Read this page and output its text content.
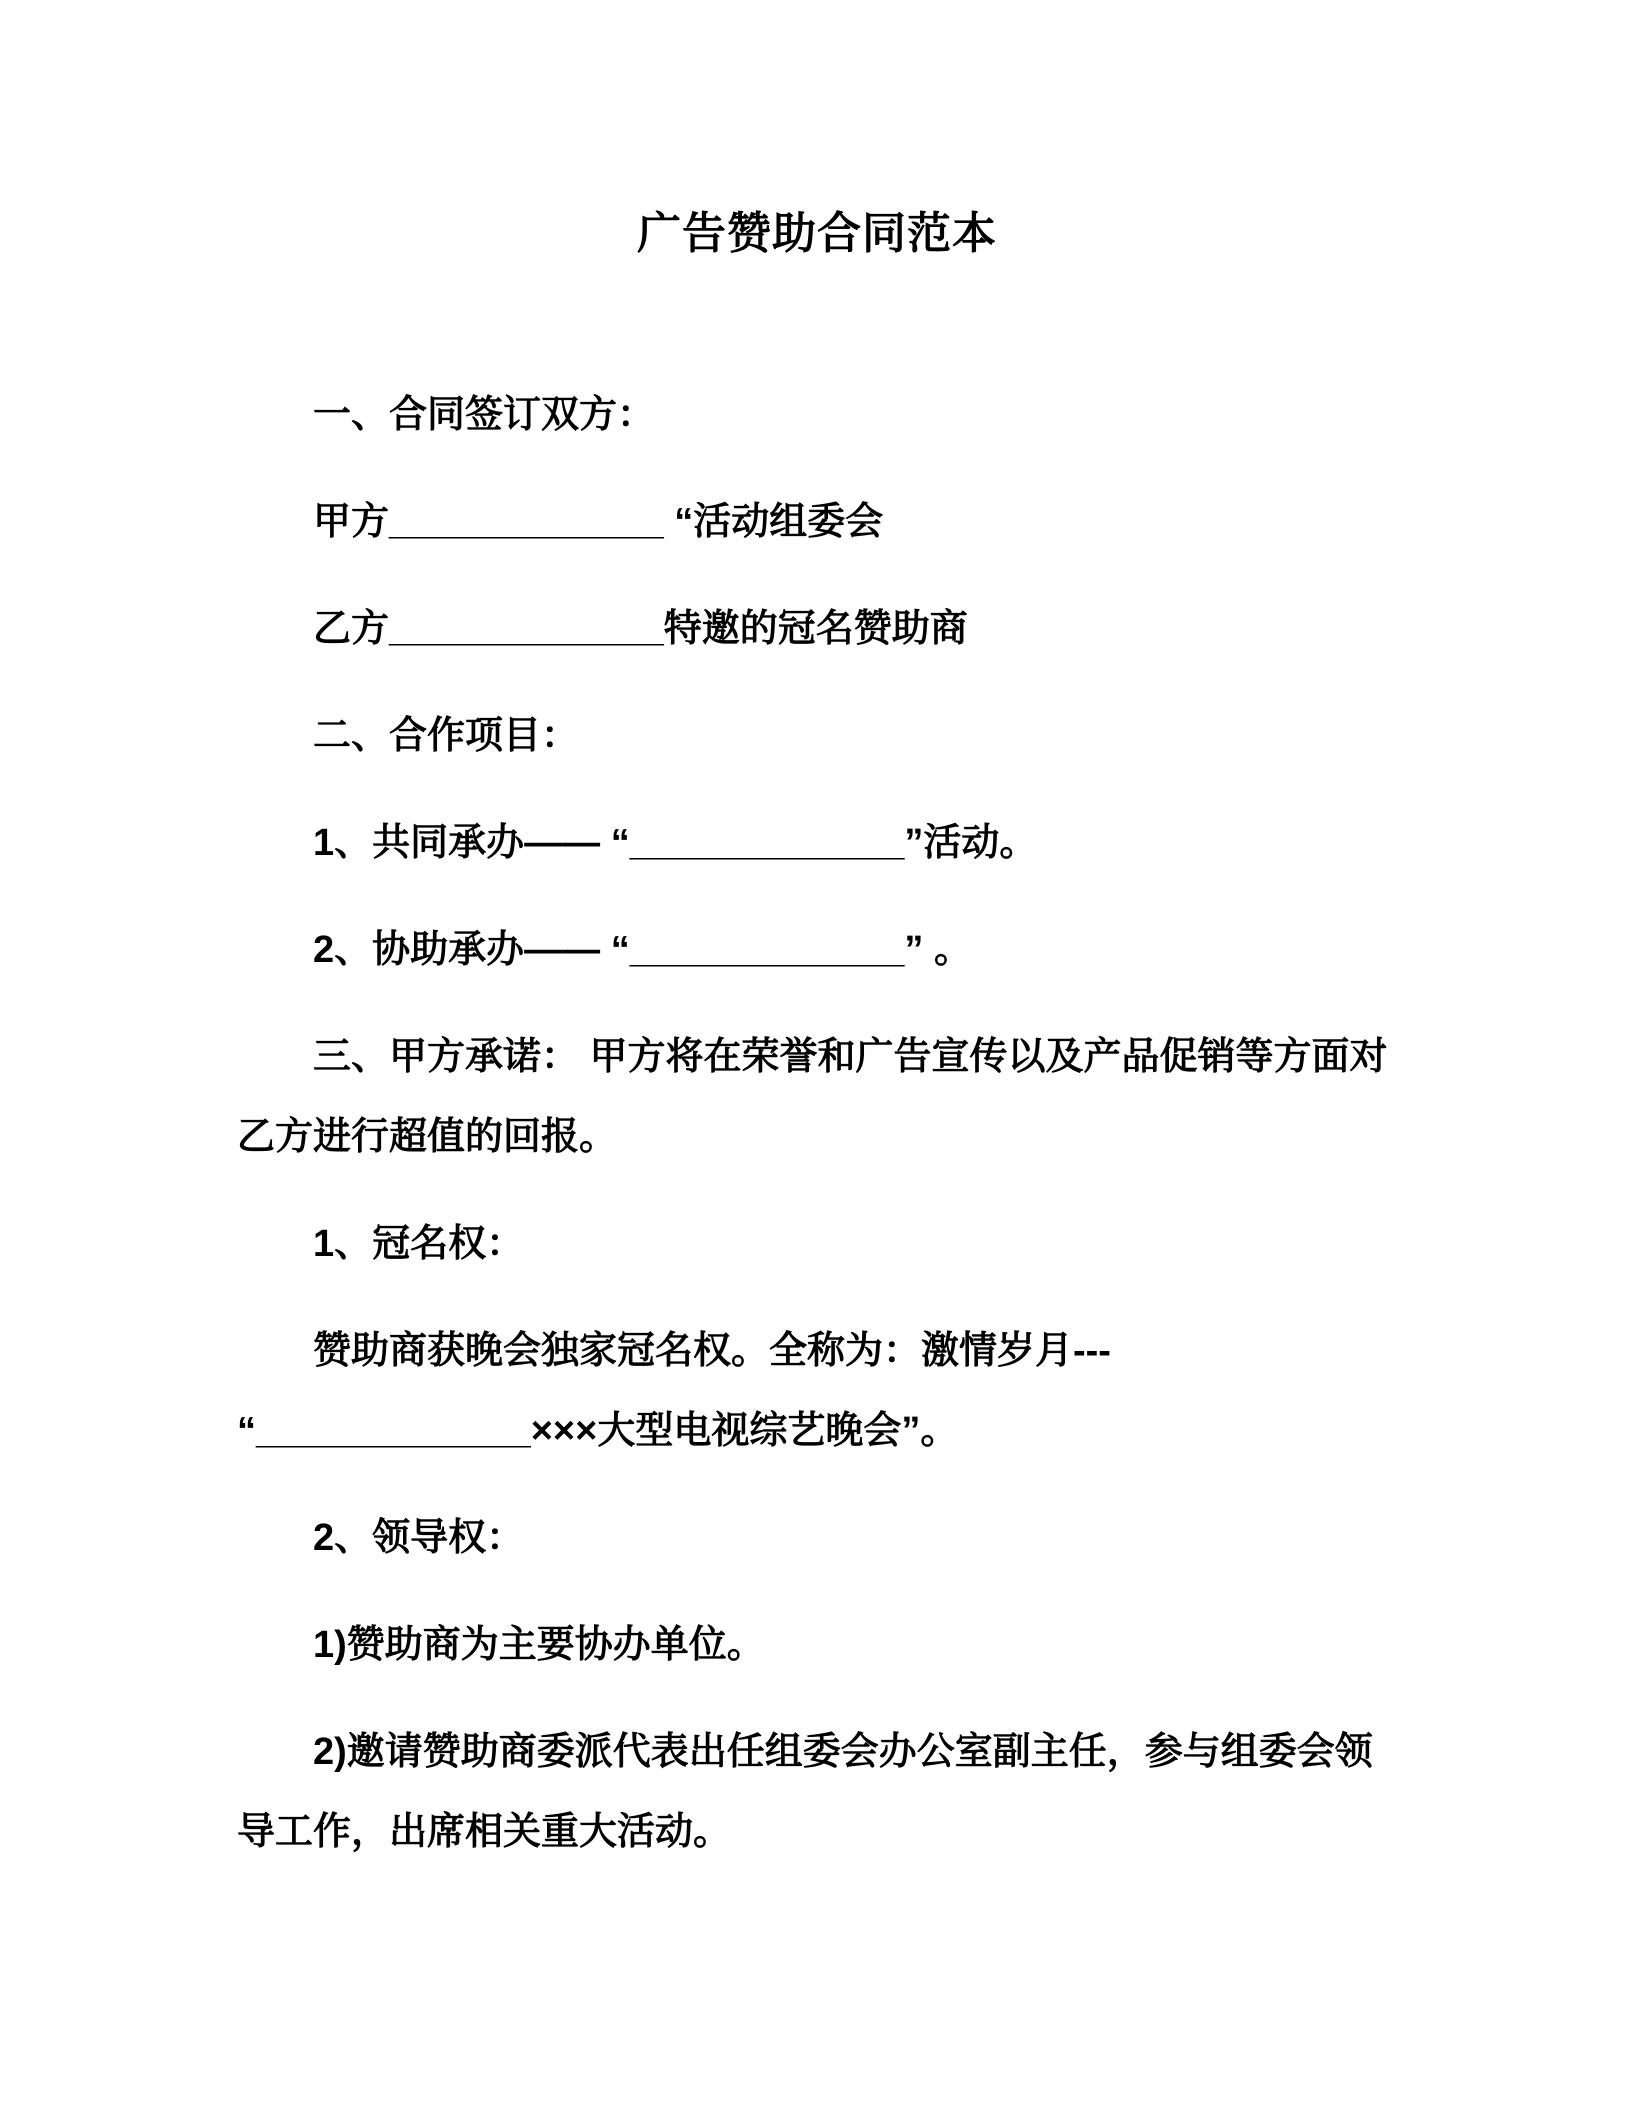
广告赞助合同范本

一、合同签订双方：

甲方_____________ “活动组委会

乙方_____________特邀的冠名赞助商

二、合作项目：

1、共同承办—— “_____________”活动。

2、协助承办—— “_____________” 。

三、甲方承诺： 甲方将在荣誉和广告宣传以及产品促销等方面对乙方进行超值的回报。

1、冠名权：

赞助商获晚会独家冠名权。全称为：激情岁月--- “_____________×××大型电视综艺晚会”。

2、领导权：

1)赞助商为主要协办单位。

2)邀请赞助商委派代表出任组委会办公室副主任，参与组委会领导工作，出席相关重大活动。
